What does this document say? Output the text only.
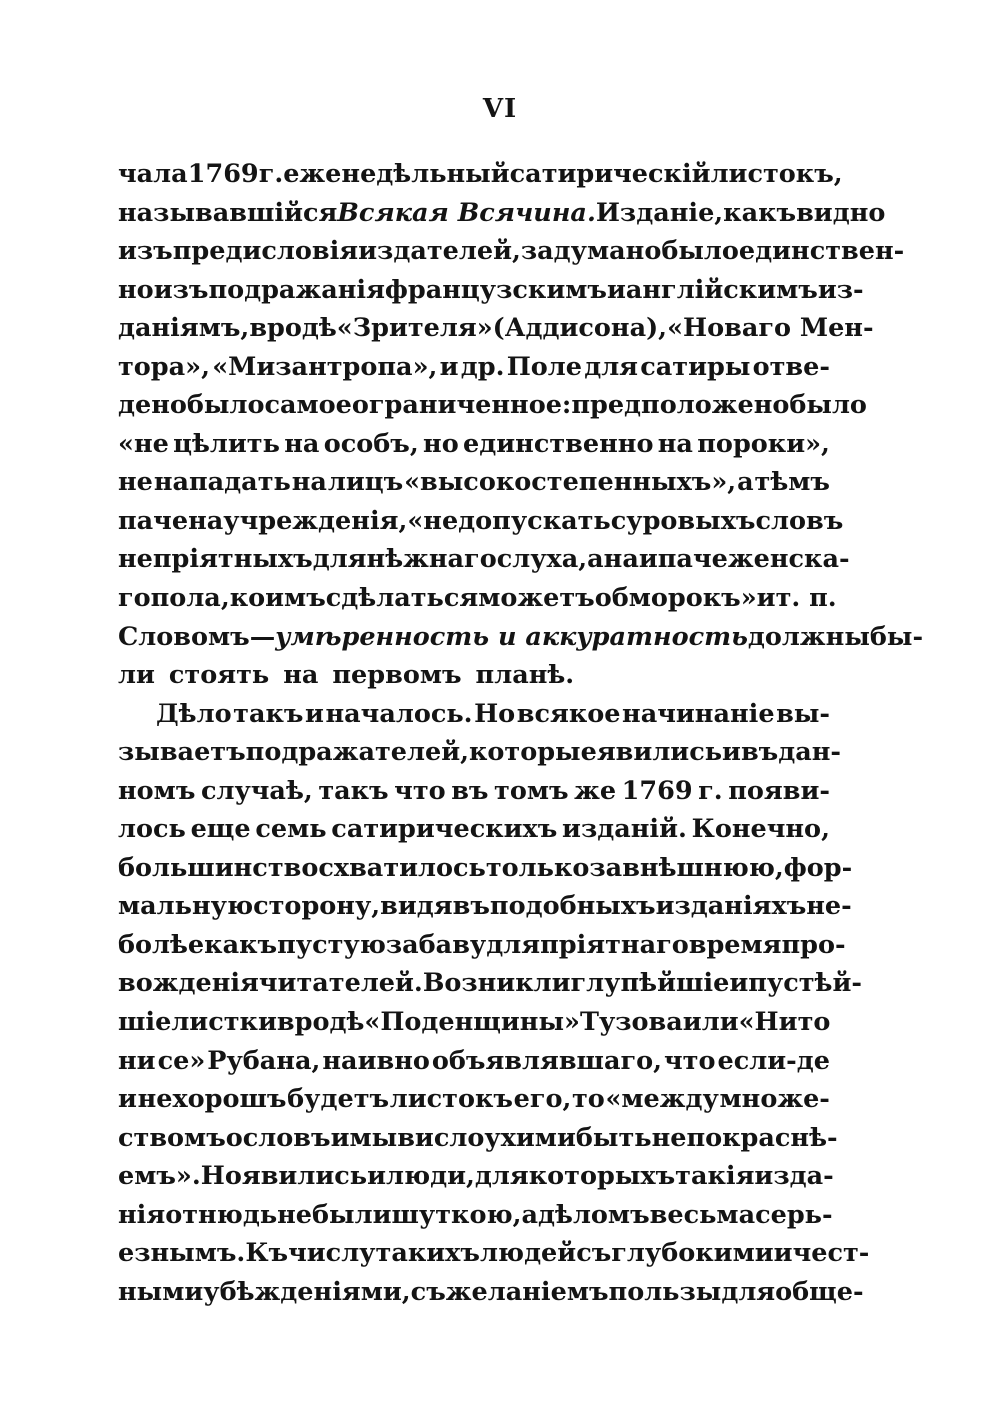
VI
чала 1769 г. еженедѣльный сатирическій листокъ,
называвшійся Всякая Всячина. Изданіе, какъ видно
изъ предисловія издателей, задумано было единствен-
но изъ подражанія французскимъ и англійскимъ из-
даніямъ, вродѣ «Зрителя» (Аддисона), «Новаго Мен-
тора», «Мизантропа», и др. Поле для сатиры отве-
дено было самое ограниченное: предположено было
«не цѣлить на особъ, но единственно на пороки»,
не нападать на лицъ «высокостепенныхъ», а тѣмъ
паче на учрежденія, «недопускать суровыхъ словъ
непріятныхъ для нѣжнаго слуха, а наипаче женска-
го пола, коимъ сдѣлаться можетъ обморокъ» и т. п.
Словомъ— умѣренность и аккуратность должны бы-
ли стоять на первомъ планѣ.
Дѣло такъ и началось. Но всякое начинаніе вы-
зываетъ подражателей, которые явились и въ дан-
номъ случаѣ, такъ что въ томъ же 1769 г. появи-
лось еще семь сатирическихъ изданій. Конечно,
большинство схватилось только за внѣшнюю, фор-
мальную сторону, видя въ подобныхъ изданіяхъ не-
болѣе какъ пустую забаву для пріятнаго времяпро-
вожденія читателей. Возникли глупѣйшіе и пустѣй-
шіе листки вродѣ «Поденщины» Тузова или «Ни то
ни се» Рубана, наивно объявлявшаго, что если-де
и нехорошъ будетъ листокъ его, то «между множе-
ствомъ ословъ и мы вислоухими быть не покраснѣ-
емъ». Но явились и люди, для которыхъ такія изда-
нія отнюдь не были шуткою, а дѣломъ весьма серь-
езнымъ. Къ числу такихъ людей съ глубокими и чест-
ными убѣжденіями, съ желаніемъ пользы для обще-
